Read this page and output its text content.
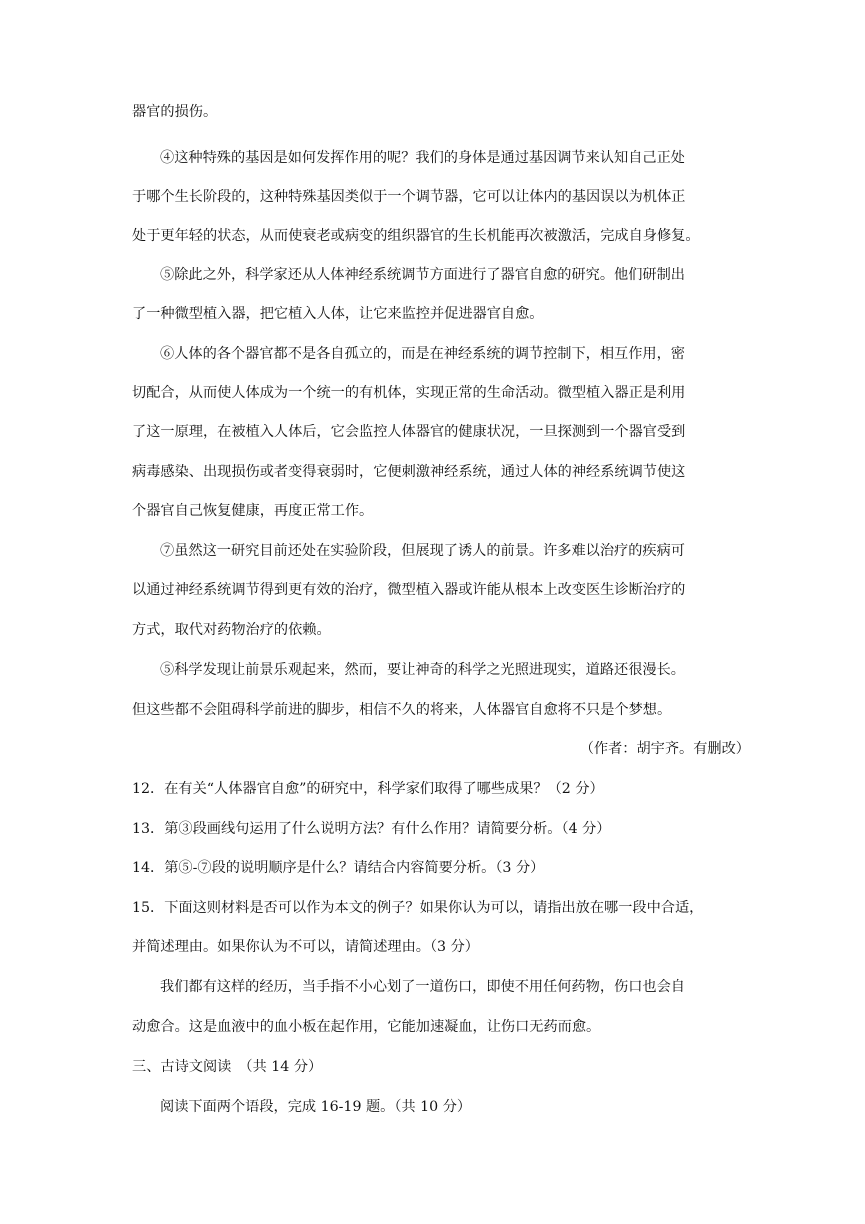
器官的损伤。
④这种特殊的基因是如何发挥作用的呢？我们的身体是通过基因调节来认知自己正处
于哪个生长阶段的，这种特殊基因类似于一个调节器，它可以让体内的基因误以为机体正
处于更年轻的状态，从而使衰老或病变的组织器官的生长机能再次被激活，完成自身修复。
⑤除此之外，科学家还从人体神经系统调节方面进行了器官自愈的研究。他们研制出
了一种微型植入器，把它植入人体，让它来监控并促进器官自愈。
⑥人体的各个器官都不是各自孤立的，而是在神经系统的调节控制下，相互作用，密
切配合，从而使人体成为一个统一的有机体，实现正常的生命活动。微型植入器正是利用
了这一原理，在被植入人体后，它会监控人体器官的健康状况，一旦探测到一个器官受到
病毒感染、出现损伤或者变得衰弱时，它便刺激神经系统，通过人体的神经系统调节使这
个器官自己恢复健康，再度正常工作。
⑦虽然这一研究目前还处在实验阶段，但展现了诱人的前景。许多难以治疗的疾病可
以通过神经系统调节得到更有效的治疗，微型植入器或许能从根本上改变医生诊断治疗的
方式，取代对药物治疗的依赖。
⑤科学发现让前景乐观起来，然而，要让神奇的科学之光照进现实，道路还很漫长。
但这些都不会阻碍科学前进的脚步，相信不久的将来，人体器官自愈将不只是个梦想。
（作者：胡宇齐。有删改）
12．在有关“人体器官自愈”的研究中，科学家们取得了哪些成果？（2 分）
13．第③段画线句运用了什么说明方法？有什么作用？请简要分析。（4 分）
14．第⑤-⑦段的说明顺序是什么？请结合内容简要分析。（3 分）
15．下面这则材料是否可以作为本文的例子？如果你认为可以，请指出放在哪一段中合适，
并简述理由。如果你认为不可以，请简述理由。（3 分）
我们都有这样的经历，当手指不小心划了一道伤口，即使不用任何药物，伤口也会自
动愈合。这是血液中的血小板在起作用，它能加速凝血，让伤口无药而愈。
三、古诗文阅读　（共 14 分）
阅读下面两个语段，完成 16-19 题。（共 10 分）
